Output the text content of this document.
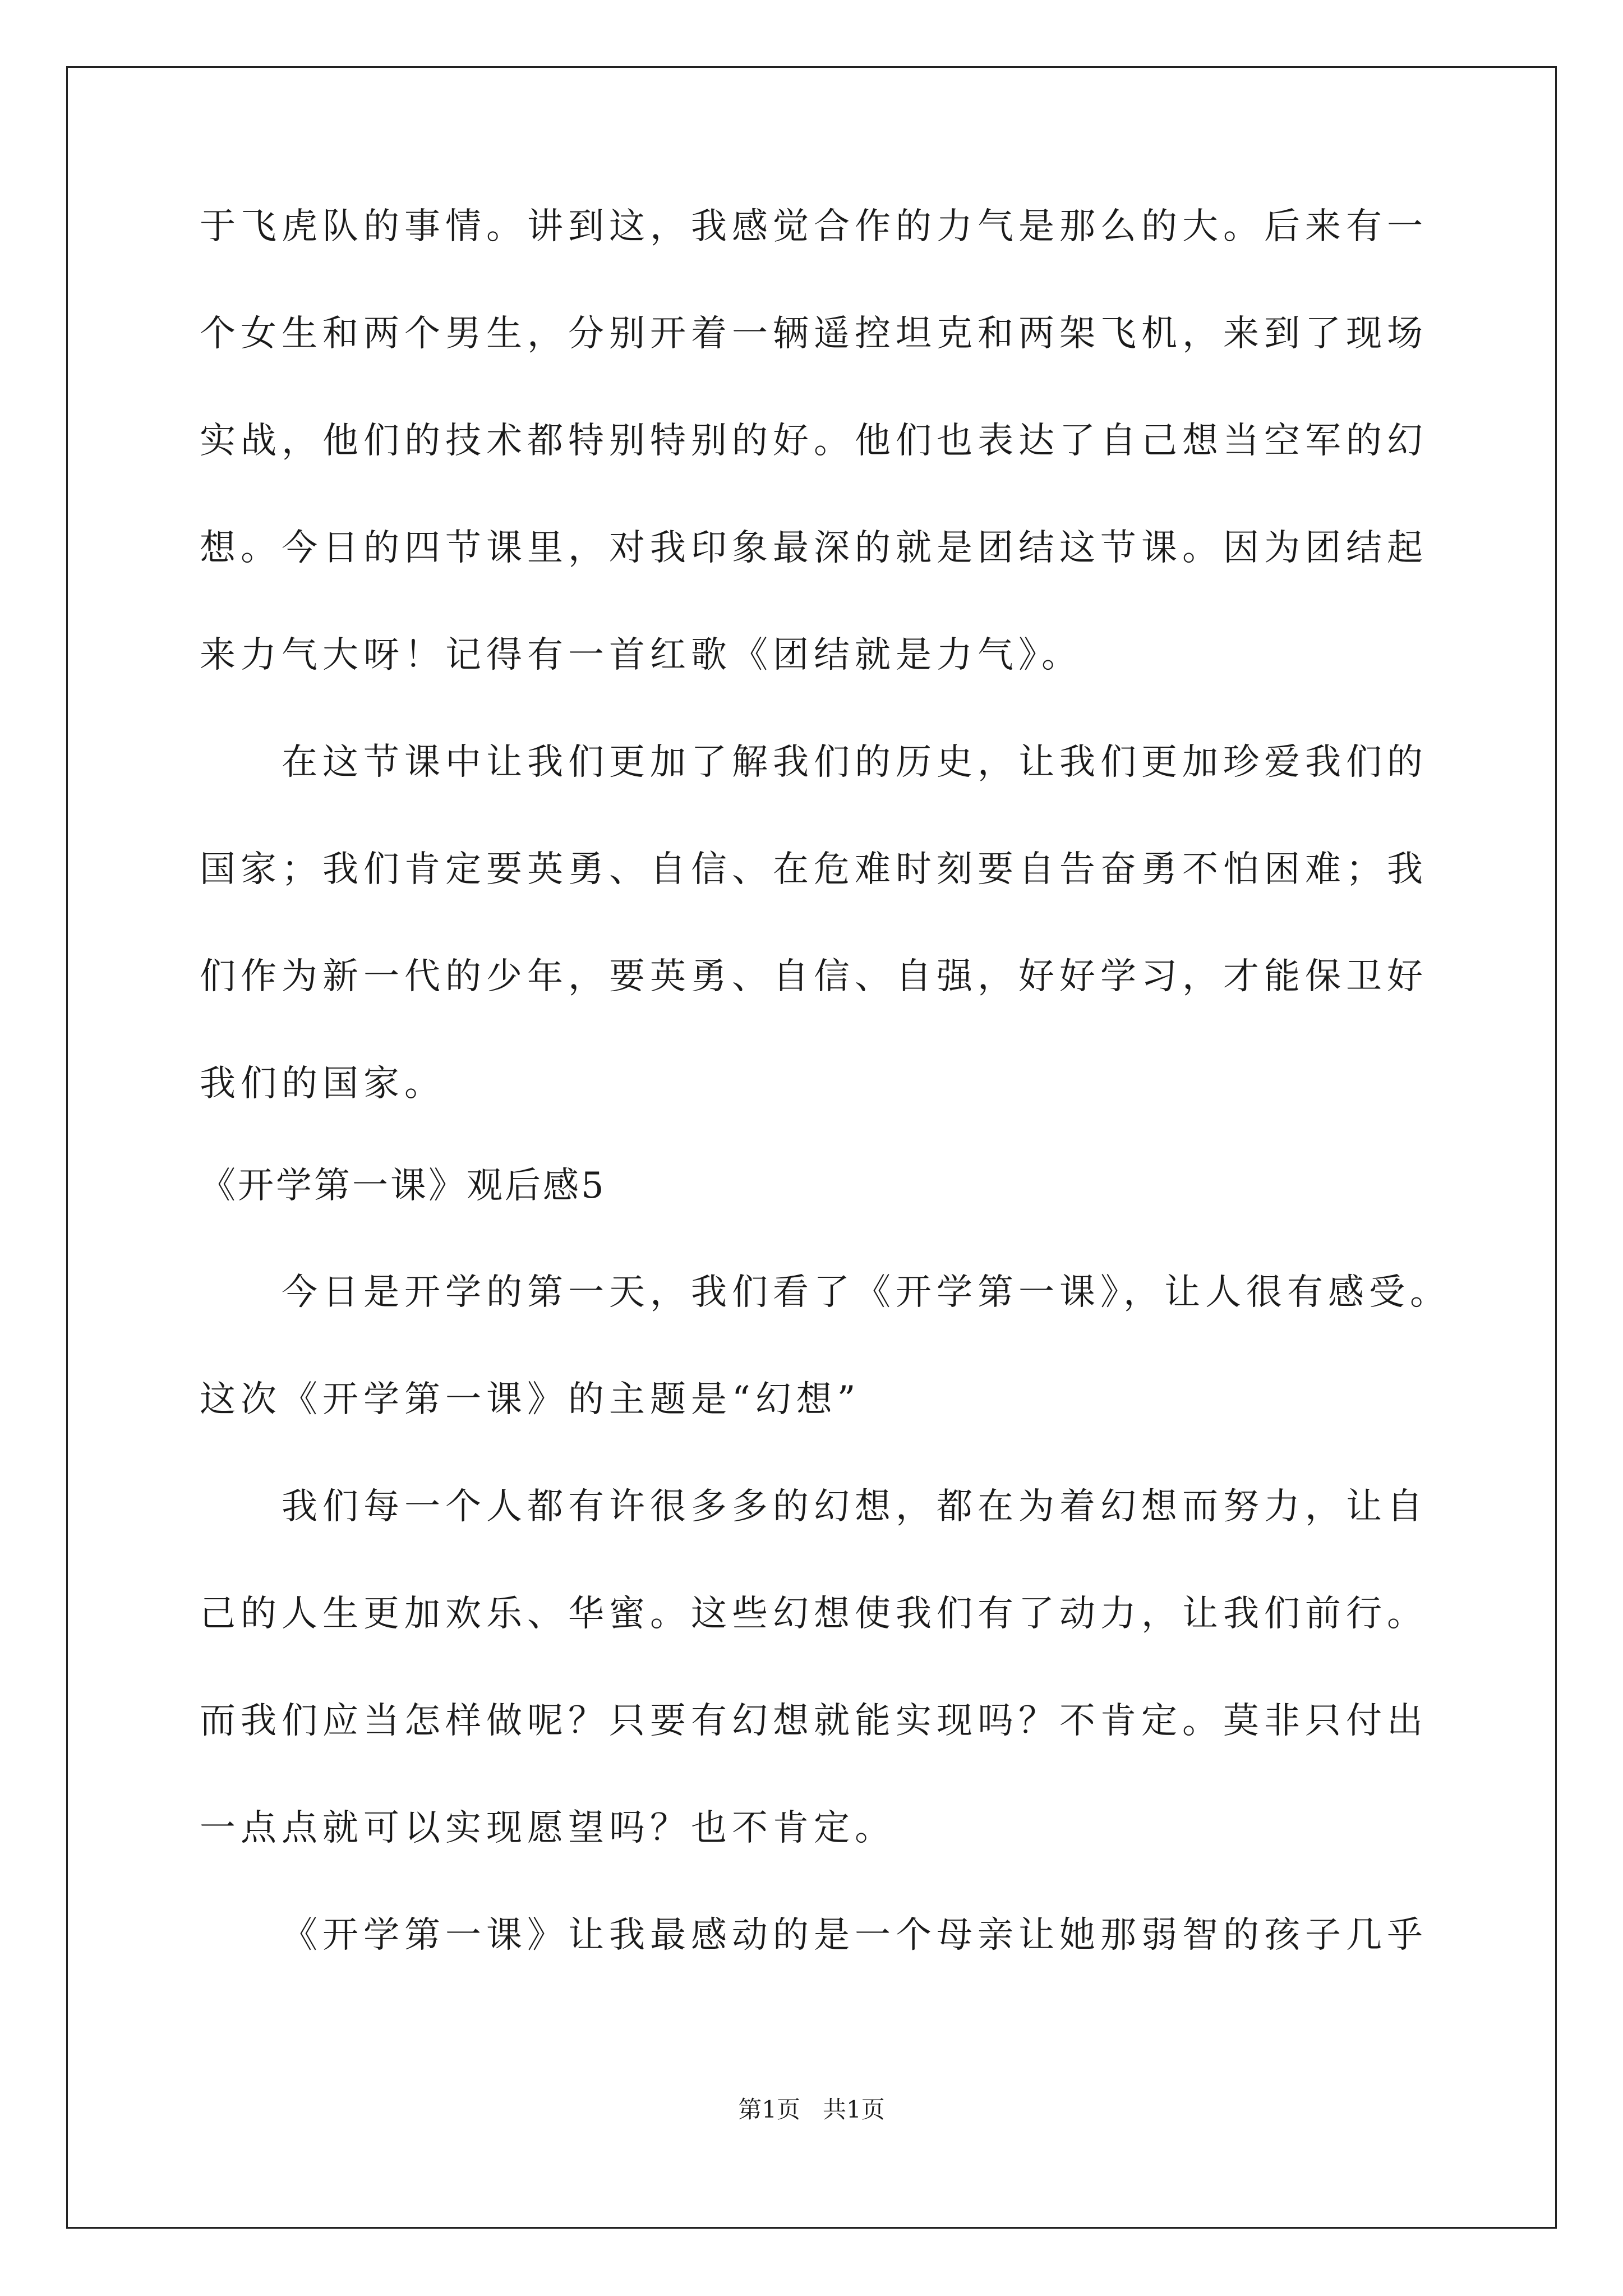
于飞虎队的事情。讲到这，我感觉合作的力气是那么的大。后来有一
个女生和两个男生，分别开着一辆遥控坦克和两架飞机，来到了现场
实战，他们的技术都特别特别的好。他们也表达了自己想当空军的幻
想。今日的四节课里，对我印象最深的就是团结这节课。因为团结起
来力气大呀！记得有一首红歌《团结就是力气》。
在这节课中让我们更加了解我们的历史，让我们更加珍爱我们的
国家；我们肯定要英勇、自信、在危难时刻要自告奋勇不怕困难；我
们作为新一代的少年，要英勇、自信、自强，好好学习，才能保卫好
我们的国家。
《开学第一课》观后感5
今日是开学的第一天，我们看了《开学第一课》，让人很有感受。
这次《开学第一课》的主题是“幻想”
我们每一个人都有许很多多的幻想，都在为着幻想而努力，让自
己的人生更加欢乐、华蜜。这些幻想使我们有了动力，让我们前行。
而我们应当怎样做呢？只要有幻想就能实现吗？不肯定。莫非只付出
一点点就可以实现愿望吗？也不肯定。
《开学第一课》让我最感动的是一个母亲让她那弱智的孩子几乎
第1页   共1页
